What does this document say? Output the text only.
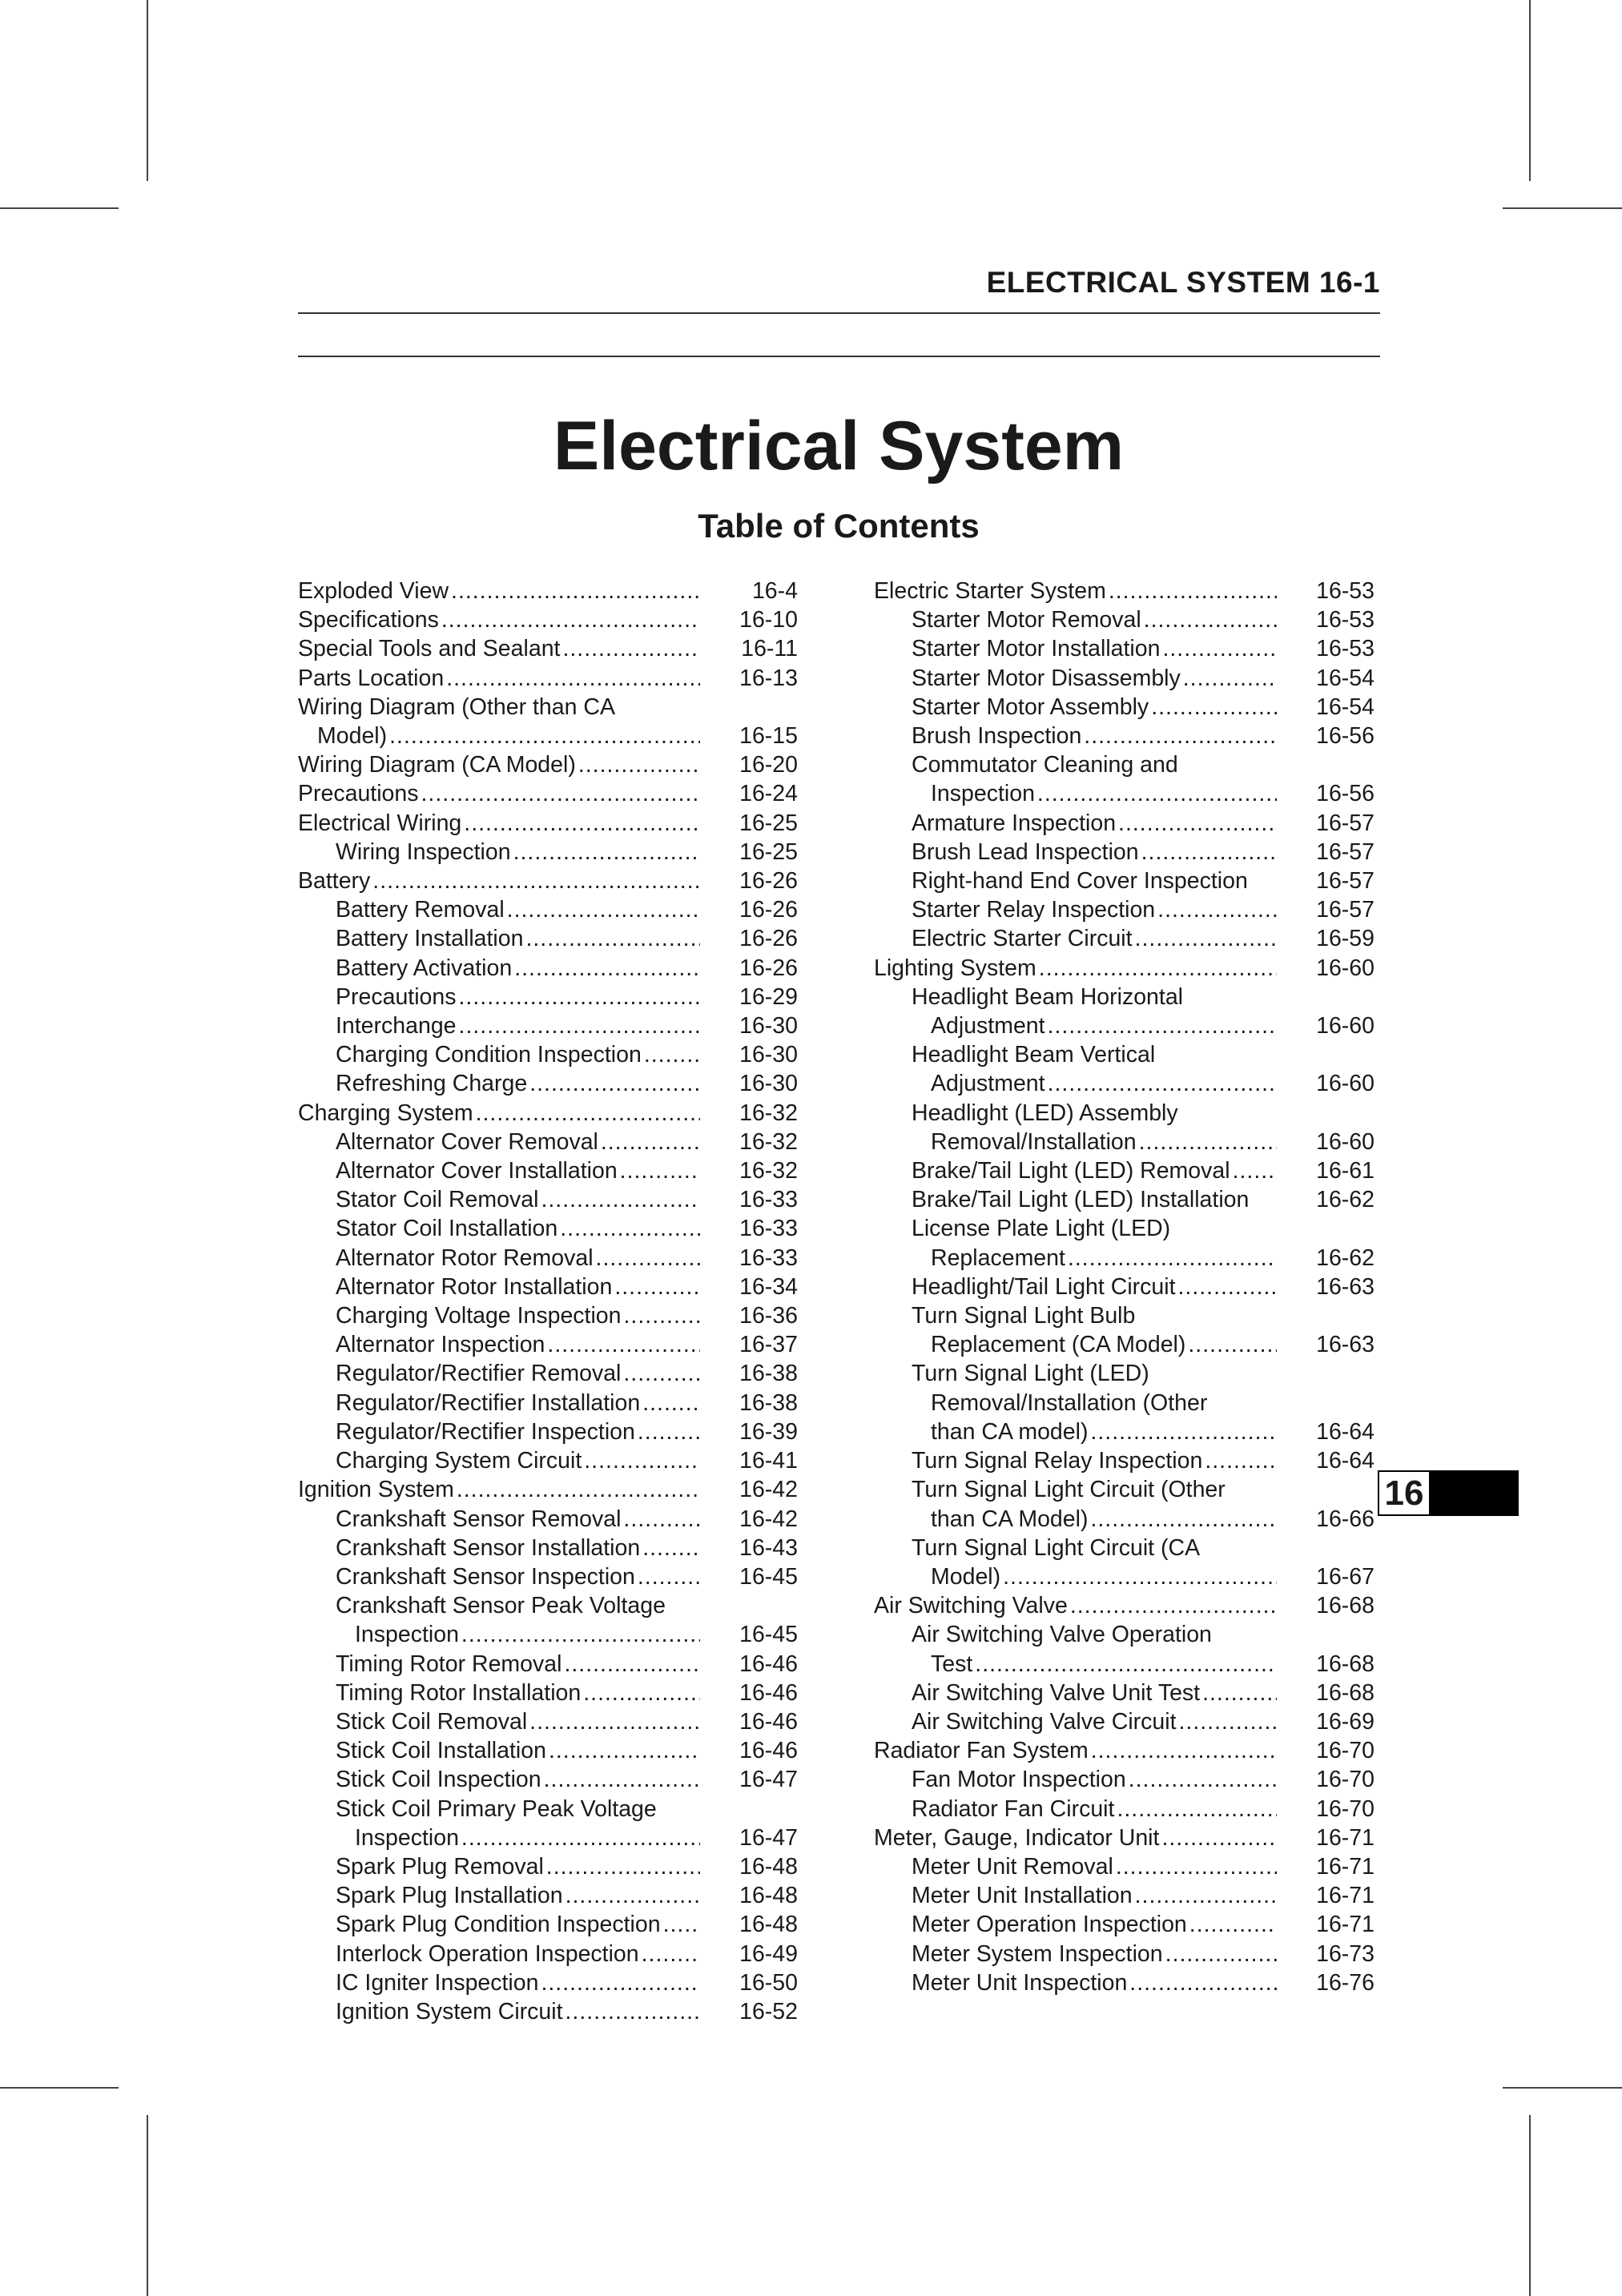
ELECTRICAL SYSTEM 16-1
Electrical System
Table of Contents
Exploded View .....	16-4
Specifications .....	16-10
Special Tools and Sealant .....	16-11
Parts Location .....	16-13
Wiring Diagram (Other than CA
Model) .....	16-15
Wiring Diagram (CA Model) .....	16-20
Precautions .....	16-24
Electrical Wiring .....	16-25
Wiring Inspection .....	16-25
Battery .....	16-26
Battery Removal .....	16-26
Battery Installation .....	16-26
Battery Activation .....	16-26
Precautions .....	16-29
Interchange .....	16-30
Charging Condition Inspection .....	16-30
Refreshing Charge .....	16-30
Charging System .....	16-32
Alternator Cover Removal .....	16-32
Alternator Cover Installation .....	16-32
Stator Coil Removal .....	16-33
Stator Coil Installation .....	16-33
Alternator Rotor Removal .....	16-33
Alternator Rotor Installation .....	16-34
Charging Voltage Inspection .....	16-36
Alternator Inspection .....	16-37
Regulator/Rectifier Removal .....	16-38
Regulator/Rectifier Installation .....	16-38
Regulator/Rectifier Inspection .....	16-39
Charging System Circuit .....	16-41
Ignition System .....	16-42
Crankshaft Sensor Removal .....	16-42
Crankshaft Sensor Installation .....	16-43
Crankshaft Sensor Inspection .....	16-45
Crankshaft Sensor Peak Voltage
Inspection .....	16-45
Timing Rotor Removal .....	16-46
Timing Rotor Installation .....	16-46
Stick Coil Removal .....	16-46
Stick Coil Installation .....	16-46
Stick Coil Inspection .....	16-47
Stick Coil Primary Peak Voltage
Inspection .....	16-47
Spark Plug Removal .....	16-48
Spark Plug Installation .....	16-48
Spark Plug Condition Inspection .....	16-48
Interlock Operation Inspection .....	16-49
IC Igniter Inspection .....	16-50
Ignition System Circuit .....	16-52
Electric Starter System .....	16-53
Starter Motor Removal .....	16-53
Starter Motor Installation .....	16-53
Starter Motor Disassembly .....	16-54
Starter Motor Assembly .....	16-54
Brush Inspection .....	16-56
Commutator Cleaning and
Inspection .....	16-56
Armature Inspection .....	16-57
Brush Lead Inspection .....	16-57
Right-hand End Cover Inspection	16-57
Starter Relay Inspection .....	16-57
Electric Starter Circuit .....	16-59
Lighting System .....	16-60
Headlight Beam Horizontal
Adjustment .....	16-60
Headlight Beam Vertical
Adjustment .....	16-60
Headlight (LED) Assembly
Removal/Installation .....	16-60
Brake/Tail Light (LED) Removal .....	16-61
Brake/Tail Light (LED) Installation	16-62
License Plate Light (LED)
Replacement .....	16-62
Headlight/Tail Light Circuit .....	16-63
Turn Signal Light Bulb
Replacement (CA Model) .....	16-63
Turn Signal Light (LED)
Removal/Installation (Other
than CA model) .....	16-64
Turn Signal Relay Inspection .....	16-64
Turn Signal Light Circuit (Other
than CA Model) .....	16-66
Turn Signal Light Circuit (CA
Model) .....	16-67
Air Switching Valve .....	16-68
Air Switching Valve Operation
Test .....	16-68
Air Switching Valve Unit Test .....	16-68
Air Switching Valve Circuit .....	16-69
Radiator Fan System .....	16-70
Fan Motor Inspection .....	16-70
Radiator Fan Circuit .....	16-70
Meter, Gauge, Indicator Unit .....	16-71
Meter Unit Removal .....	16-71
Meter Unit Installation .....	16-71
Meter Operation Inspection .....	16-71
Meter System Inspection .....	16-73
Meter Unit Inspection .....	16-76
16
